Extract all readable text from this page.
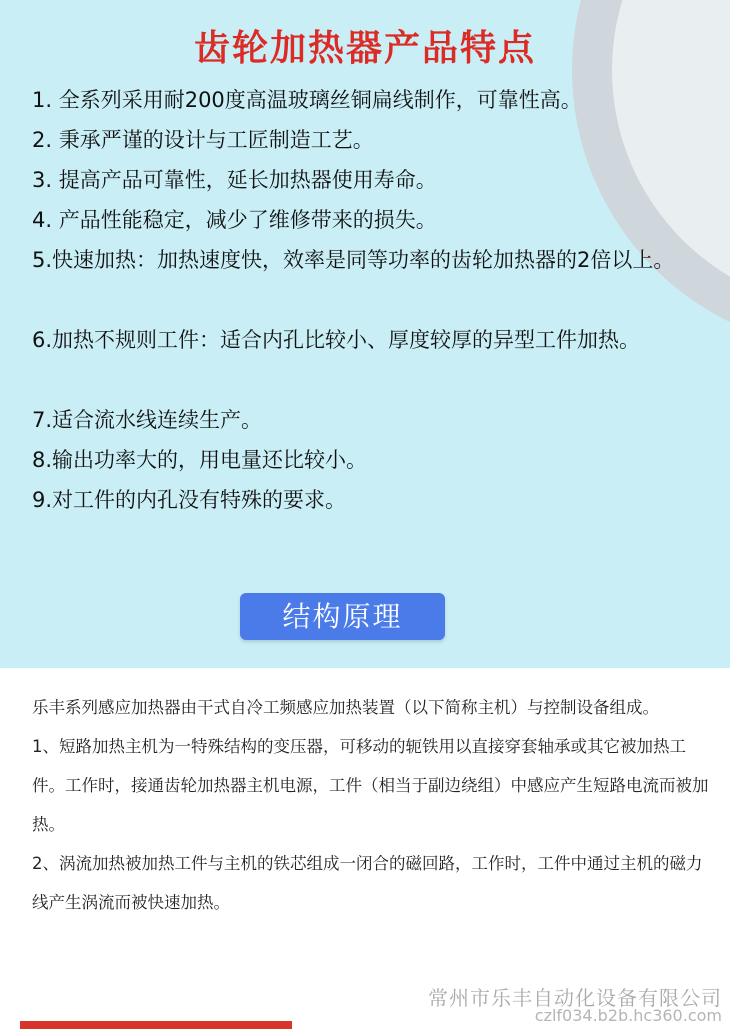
齿轮加热器产品特点
1. 全系列采用耐200度高温玻璃丝铜扁线制作，可靠性高。
2. 秉承严谨的设计与工匠制造工艺。
3. 提高产品可靠性，延长加热器使用寿命。
4. 产品性能稳定，减少了维修带来的损失。
5.快速加热：加热速度快，效率是同等功率的齿轮加热器的2倍以上。
6.加热不规则工件：适合内孔比较小、厚度较厚的异型工件加热。
7.适合流水线连续生产。
8.输出功率大的，用电量还比较小。
9.对工件的内孔没有特殊的要求。
结构原理

乐丰系列感应加热器由干式自冷工频感应加热装置（以下简称主机）与控制设备组成。

1、短路加热主机为一特殊结构的变压器，可移动的轭铁用以直接穿套轴承或其它被加热工件。工作时，接通齿轮加热器主机电源，工件（相当于副边绕组）中感应产生短路电流而被加热。

2、涡流加热被加热工件与主机的铁芯组成一闭合的磁回路，工作时，工件中通过主机的磁力线产生涡流而被快速加热。

常州市乐丰自动化设备有限公司
czlf034.b2b.hc360.com
